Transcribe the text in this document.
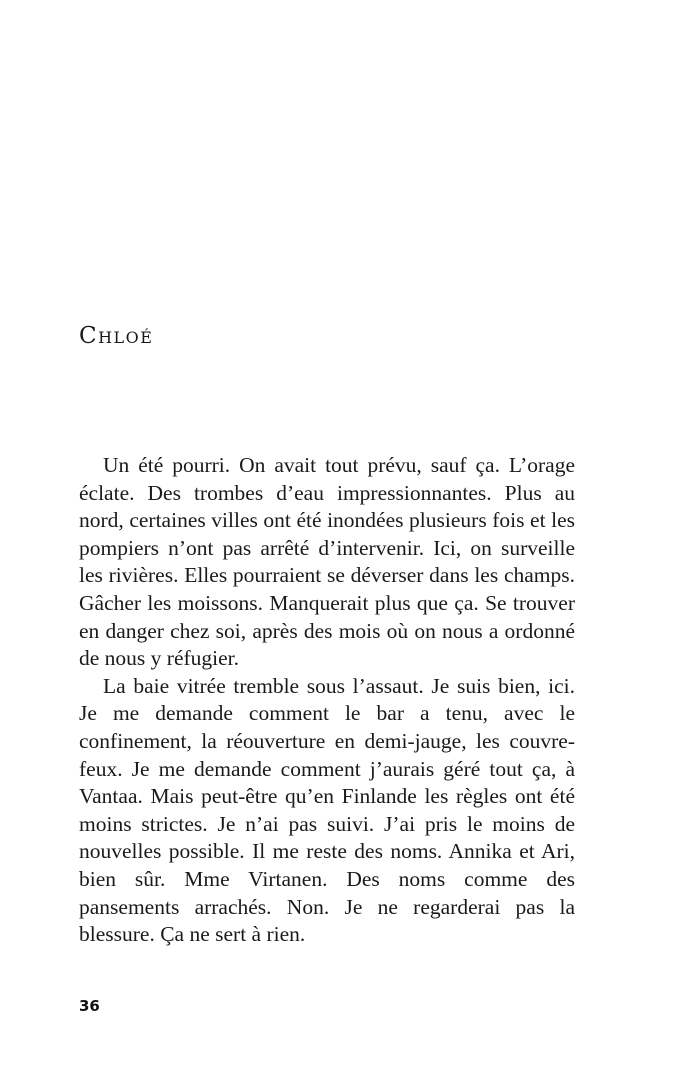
Chloé

Un été pourri. On avait tout prévu, sauf ça. L’orage éclate. Des trombes d’eau impressionnantes. Plus au nord, certaines villes ont été inondées plusieurs fois et les pompiers n’ont pas arrêté d’intervenir. Ici, on surveille les rivières. Elles pourraient se déverser dans les champs. Gâcher les moissons. Manquerait plus que ça. Se trouver en danger chez soi, après des mois où on nous a ordonné de nous y réfugier.

La baie vitrée tremble sous l’assaut. Je suis bien, ici. Je me demande comment le bar a tenu, avec le confinement, la réouverture en demi-jauge, les couvre-feux. Je me demande comment j’aurais géré tout ça, à Vantaa. Mais peut-être qu’en Finlande les règles ont été moins strictes. Je n’ai pas suivi. J’ai pris le moins de nouvelles possible. Il me reste des noms. Annika et Ari, bien sûr. Mme Virtanen. Des noms comme des pansements arrachés. Non. Je ne regarderai pas la blessure. Ça ne sert à rien.

36
